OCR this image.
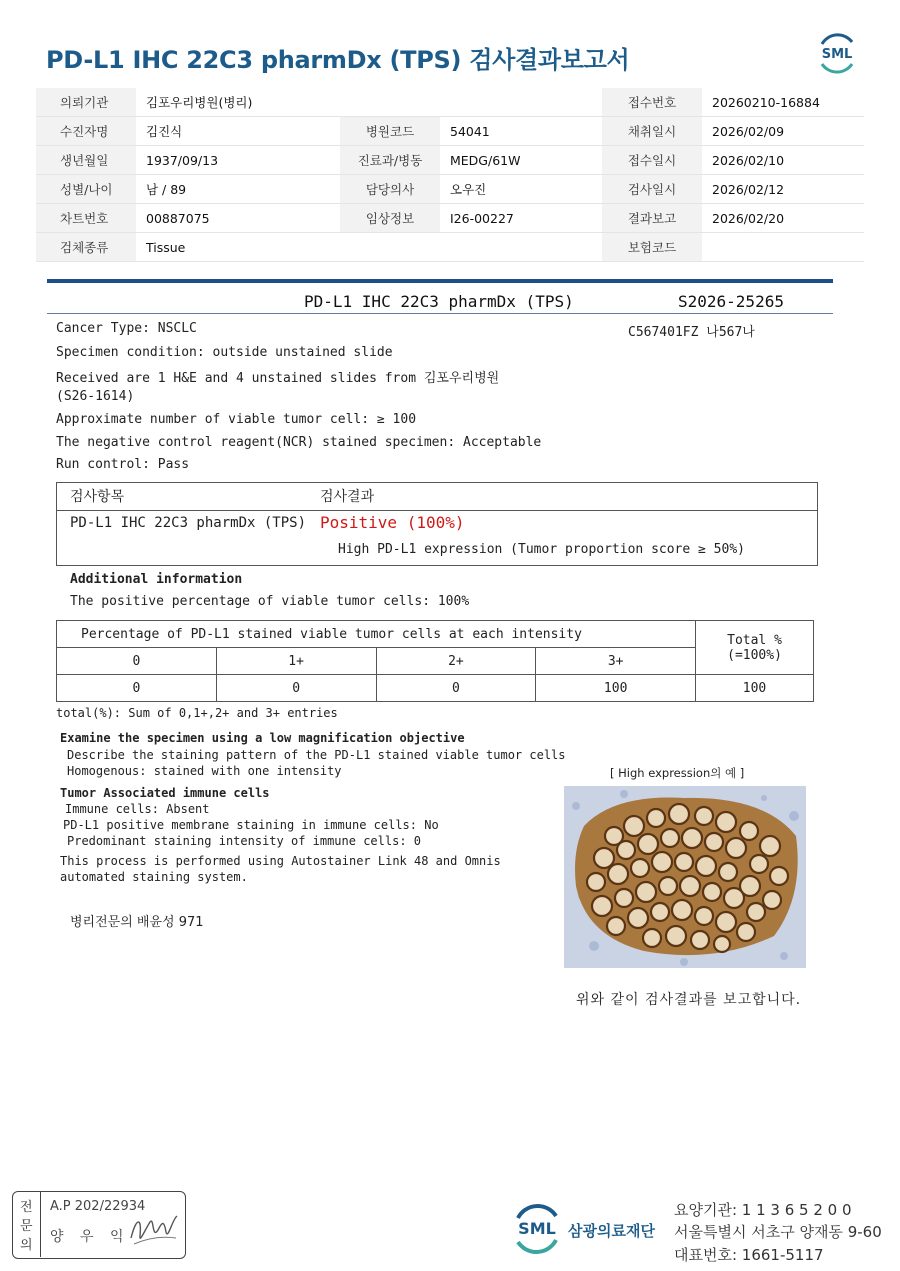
PD-L1 IHC 22C3 pharmDx (TPS) 검사결과보고서	SML
의뢰기관	김포우리병원(병리)			접수번호	20260210-16884
수진자명	김진식	병원코드	54041	채취일시	2026/02/09
생년월일	1937/09/13	진료과/병동	MEDG/61W	접수일시	2026/02/10
성별/나이	남 / 89	담당의사	오우진	검사일시	2026/02/12
차트번호	00887075	임상정보	I26-00227	결과보고	2026/02/20
검체종류	Tissue			보험코드	
PD-L1 IHC 22C3 pharmDx (TPS)	S2026-25265
Cancer Type: NSCLC	C567401FZ 나567나
Specimen condition: outside unstained slide
Received are 1 H&E and 4 unstained slides from 김포우리병원
(S26-1614)
Approximate number of viable tumor cell: ≥ 100
The negative control reagent(NCR) stained specimen: Acceptable
Run control: Pass
검사항목	검사결과
PD-L1 IHC 22C3 pharmDx (TPS) Positive (100%)
High PD-L1 expression (Tumor proportion score ≥ 50%)
Additional information
The positive percentage of viable tumor cells: 100%
Percentage of PD-L1 stained viable tumor cells at each intensity				Total %
(=100%)

0	1+	2+	3+	
0	0	0	100	100
total(%): Sum of 0,1+,2+ and 3+ entries
Examine the specimen using a low magnification objective
Describe the staining pattern of the PD-L1 stained viable tumor cells
Homogenous: stained with one intensity	[ High expression의 예 ]
Tumor Associated immune cells
Immune cells: Absent
PD-L1 positive membrane staining in immune cells: No
Predominant staining intensity of immune cells: 0
This process is performed using Autostainer Link 48 and Omnis
automated staining system.
병리전문의 배윤성 971
위와 같이 검사결과를 보고합니다.
전
문
의
A.P 202/22934
양 우 익	SML 삼광의료재단
요양기관: 1 1 3 6 5 2 0 0
서울특별시 서초구 양재동 9-60
대표번호: 1661-5117
